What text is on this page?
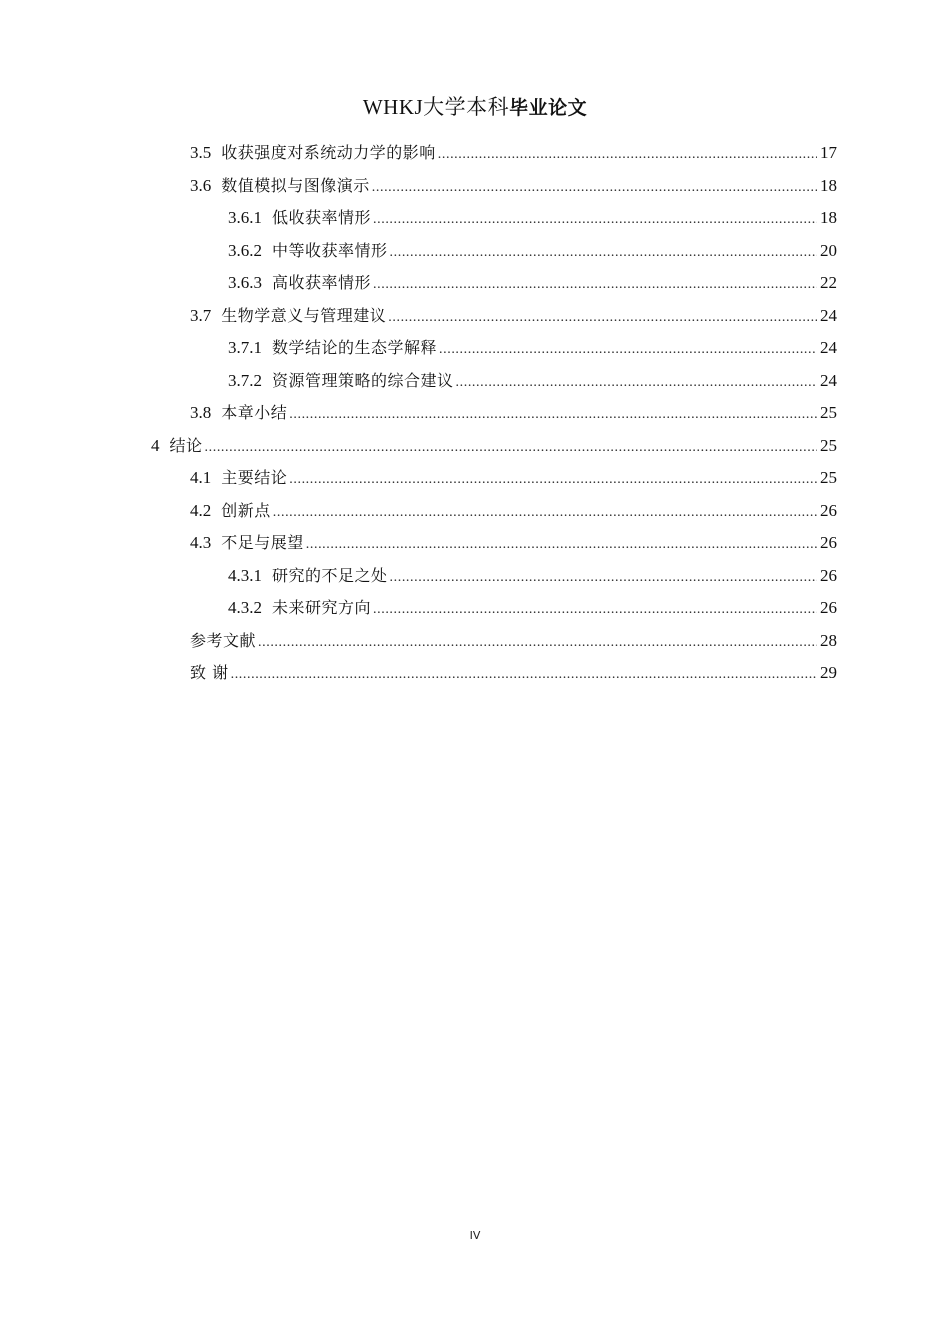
WHKJ大学本科毕业论文
3.5 收获强度对系统动力学的影响 .....	17
3.6 数值模拟与图像演示 .....	18
3.6.1 低收获率情形 .....	18
3.6.2 中等收获率情形 .....	20
3.6.3 高收获率情形 .....	22
3.7 生物学意义与管理建议 .....	24
3.7.1 数学结论的生态学解释 .....	24
3.7.2 资源管理策略的综合建议 .....	24
3.8 本章小结 .....	25
4 结论 .....	25
4.1 主要结论 .....	25
4.2 创新点 .....	26
4.3 不足与展望 .....	26
4.3.1 研究的不足之处 .....	26
4.3.2 未来研究方向 .....	26
参考文献 .....	28
致 谢 .....	29
IV
